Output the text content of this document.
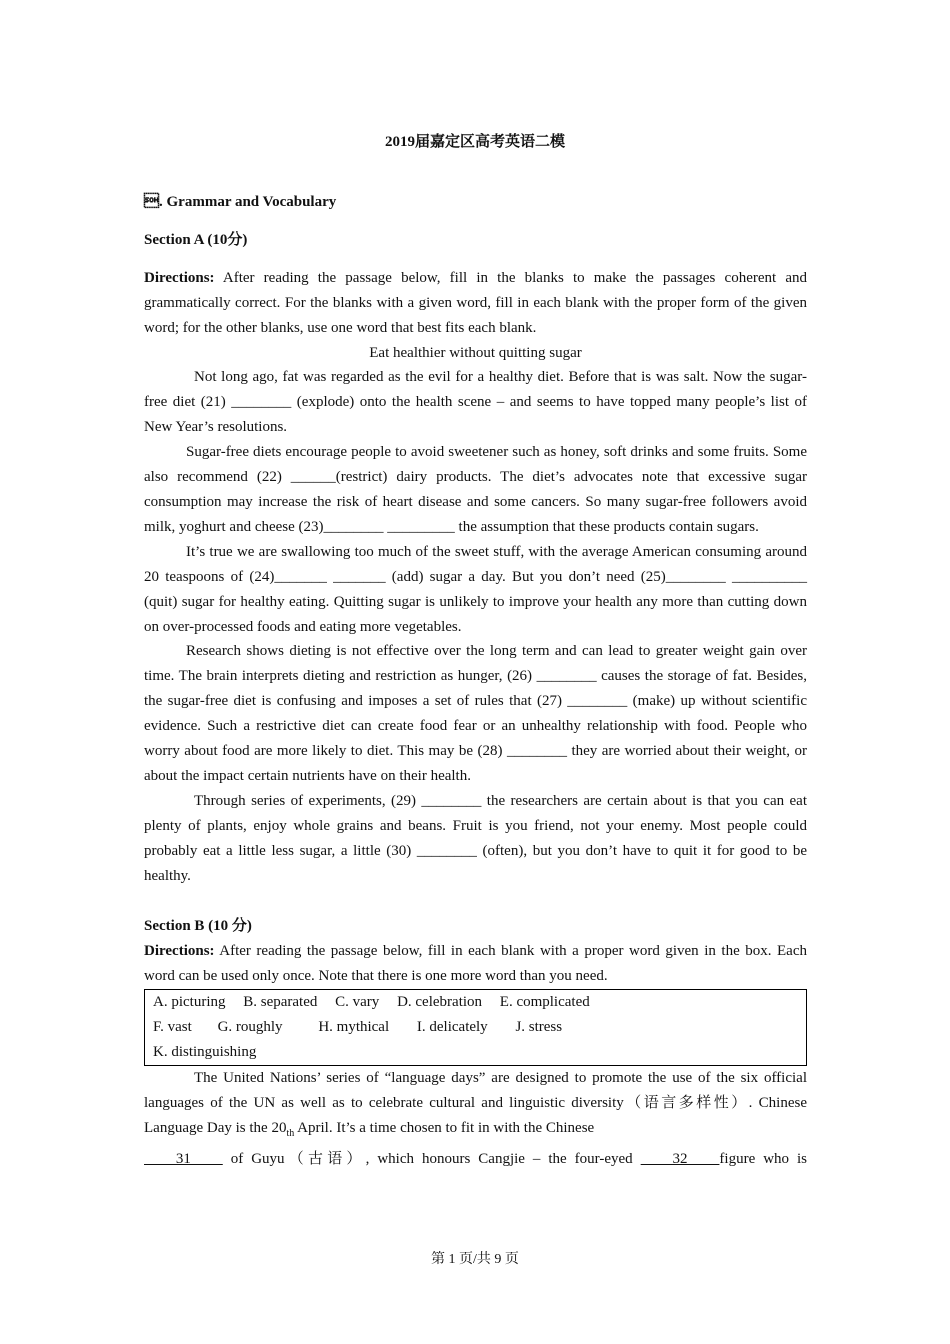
2019届嘉定区高考英语二模

. Grammar and Vocabulary

Section A (10分)

Directions: After reading the passage below, fill in the blanks to make the passages coherent and grammatically correct. For the blanks with a given word, fill in each blank with the proper form of the given word; for the other blanks, use one word that best fits each blank.

Eat healthier without quitting sugar

Not long ago, fat was regarded as the evil for a healthy diet. Before that is was salt. Now the sugar-free diet (21) ________ (explode) onto the health scene – and seems to have topped many people’s list of New Year’s resolutions.

Sugar-free diets encourage people to avoid sweetener such as honey, soft drinks and some fruits. Some also recommend (22) ______(restrict) dairy products. The diet’s advocates note that excessive sugar consumption may increase the risk of heart disease and some cancers. So many sugar-free followers avoid milk, yoghurt and cheese (23)________ _________ the assumption that these products contain sugars.

It’s true we are swallowing too much of the sweet stuff, with the average American consuming around 20 teaspoons of (24)_______ _______ (add) sugar a day. But you don’t need (25)________ __________ (quit) sugar for healthy eating. Quitting sugar is unlikely to improve your health any more than cutting down on over-processed foods and eating more vegetables.

Research shows dieting is not effective over the long term and can lead to greater weight gain over time. The brain interprets dieting and restriction as hunger, (26) ________ causes the storage of fat. Besides, the sugar-free diet is confusing and imposes a set of rules that (27) ________ (make) up without scientific evidence. Such a restrictive diet can create food fear or an unhealthy relationship with food. People who worry about food are more likely to diet. This may be (28) ________ they are worried about their weight, or about the impact certain nutrients have on their health.

Through series of experiments, (29) ________ the researchers are certain about is that you can eat plenty of plants, enjoy whole grains and beans. Fruit is you friend, not your enemy. Most people could probably eat a little less sugar, a little (30) ________ (often), but you don’t have to quit it for good to be healthy.

Section B (10 分)

Directions: After reading the passage below, fill in each blank with a proper word given in the box. Each word can be used only once. Note that there is one more word than you need.

A. picturing B. separated C. vary D. celebration E. complicated
F. vast G. roughly H. mythical I. delicately J. stress
K. distinguishing

The United Nations’ series of “language days” are designed to promote the use of the six official languages of the UN as well as to celebrate cultural and linguistic diversity（语言多样性）. Chinese Language Day is the $20_{th}$ April. It’s a time chosen to fit in with the Chinese

31     of Guyu（古语）, which honours Cangjie – the four-eyed     32    figure who is

第 1 页/共 9 页
